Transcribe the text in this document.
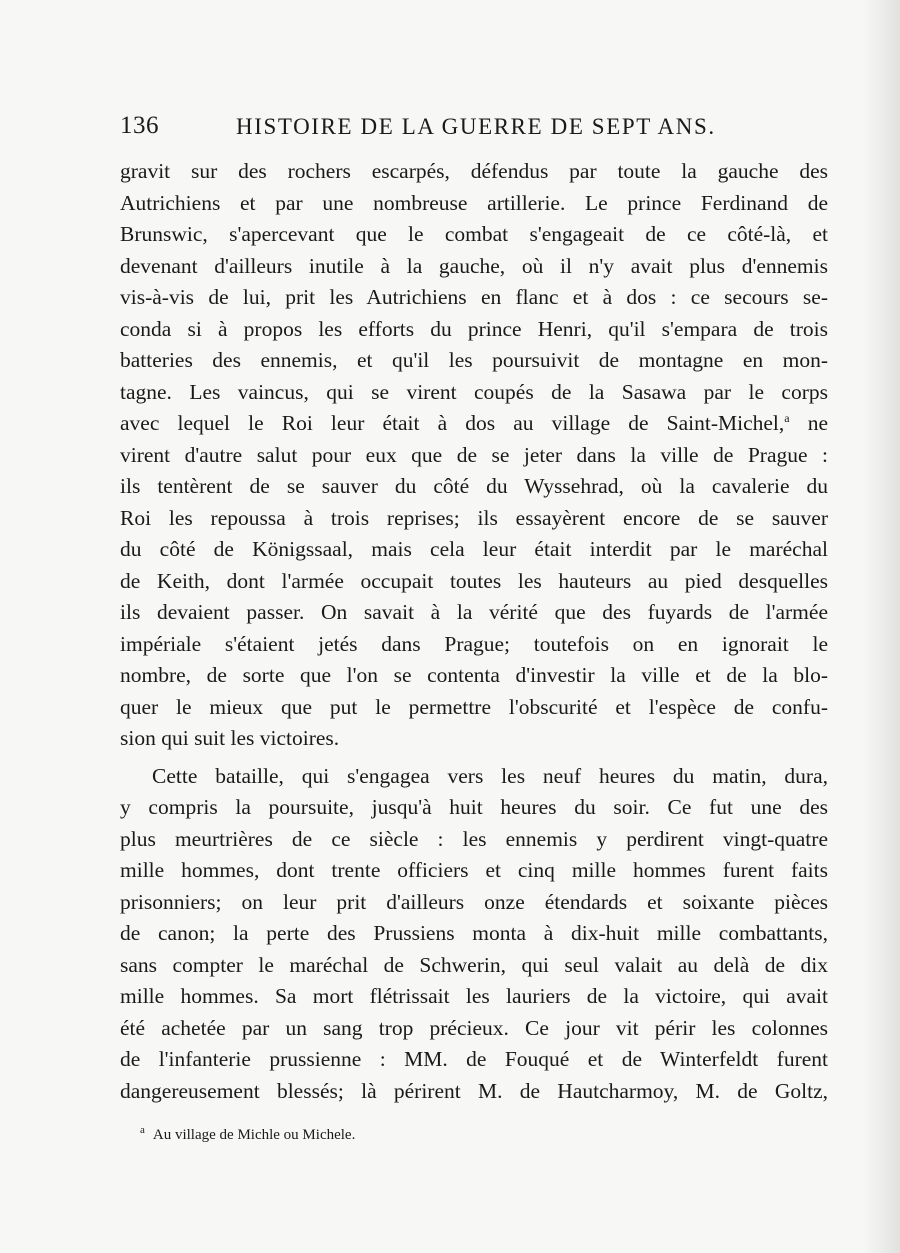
136	HISTOIRE DE LA GUERRE DE SEPT ANS.
gravit sur des rochers escarpés, défendus par toute la gauche des
Autrichiens et par une nombreuse artillerie. Le prince Ferdinand de
Brunswic, s'apercevant que le combat s'engageait de ce côté-là, et
devenant d'ailleurs inutile à la gauche, où il n'y avait plus d'ennemis
vis-à-vis de lui, prit les Autrichiens en flanc et à dos : ce secours se-
conda si à propos les efforts du prince Henri, qu'il s'empara de trois
batteries des ennemis, et qu'il les poursuivit de montagne en mon-
tagne. Les vaincus, qui se virent coupés de la Sasawa par le corps
avec lequel le Roi leur était à dos au village de Saint-Michel,$^a$ ne
virent d'autre salut pour eux que de se jeter dans la ville de Prague :
ils tentèrent de se sauver du côté du Wyssehrad, où la cavalerie du
Roi les repoussa à trois reprises; ils essayèrent encore de se sauver
du côté de Königssaal, mais cela leur était interdit par le maréchal
de Keith, dont l'armée occupait toutes les hauteurs au pied desquelles
ils devaient passer. On savait à la vérité que des fuyards de l'armée
impériale s'étaient jetés dans Prague; toutefois on en ignorait le
nombre, de sorte que l'on se contenta d'investir la ville et de la blo-
quer le mieux que put le permettre l'obscurité et l'espèce de confu-
sion qui suit les victoires.
Cette bataille, qui s'engagea vers les neuf heures du matin, dura,
y compris la poursuite, jusqu'à huit heures du soir. Ce fut une des
plus meurtrières de ce siècle : les ennemis y perdirent vingt-quatre
mille hommes, dont trente officiers et cinq mille hommes furent faits
prisonniers; on leur prit d'ailleurs onze étendards et soixante pièces
de canon; la perte des Prussiens monta à dix-huit mille combattants,
sans compter le maréchal de Schwerin, qui seul valait au delà de dix
mille hommes. Sa mort flétrissait les lauriers de la victoire, qui avait
été achetée par un sang trop précieux. Ce jour vit périr les colonnes
de l'infanterie prussienne : MM. de Fouqué et de Winterfeldt furent
dangereusement blessés; là périrent M. de Hautcharmoy, M. de Goltz,
$^a$ Au village de Michle ou Michele.
